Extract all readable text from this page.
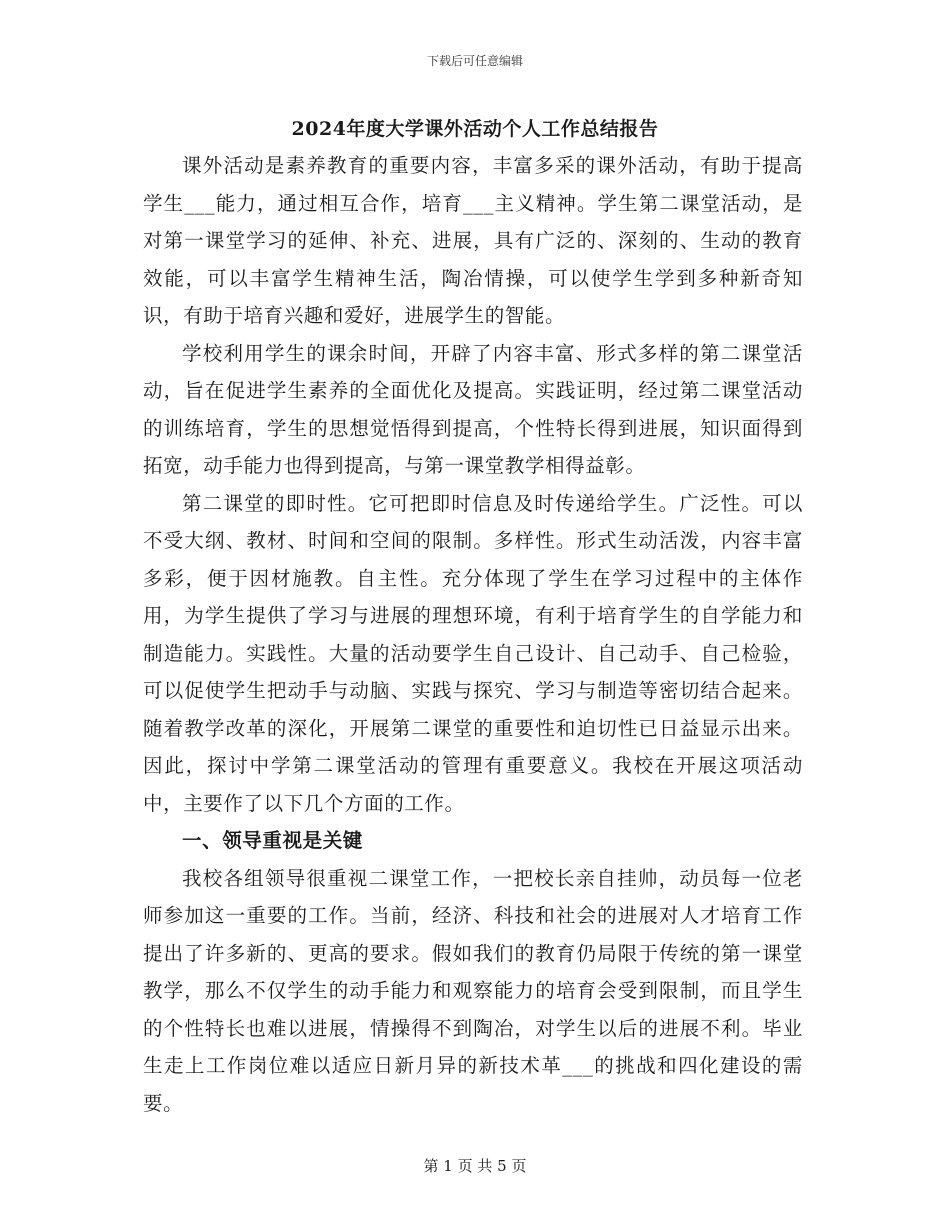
下载后可任意编辑
2024年度大学课外活动个人工作总结报告

课外活动是素养教育的重要内容，丰富多采的课外活动，有助于提高学生___能力，通过相互合作，培育___主义精神。学生第二课堂活动，是对第一课堂学习的延伸、补充、进展，具有广泛的、深刻的、生动的教育效能，可以丰富学生精神生活，陶冶情操，可以使学生学到多种新奇知识，有助于培育兴趣和爱好，进展学生的智能。

学校利用学生的课余时间，开辟了内容丰富、形式多样的第二课堂活动，旨在促进学生素养的全面优化及提高。实践证明，经过第二课堂活动的训练培育，学生的思想觉悟得到提高，个性特长得到进展，知识面得到拓宽，动手能力也得到提高，与第一课堂教学相得益彰。

第二课堂的即时性。它可把即时信息及时传递给学生。广泛性。可以不受大纲、教材、时间和空间的限制。多样性。形式生动活泼，内容丰富多彩，便于因材施教。自主性。充分体现了学生在学习过程中的主体作用，为学生提供了学习与进展的理想环境，有利于培育学生的自学能力和制造能力。实践性。大量的活动要学生自己设计、自己动手、自己检验，可以促使学生把动手与动脑、实践与探究、学习与制造等密切结合起来。随着教学改革的深化，开展第二课堂的重要性和迫切性已日益显示出来。因此，探讨中学第二课堂活动的管理有重要意义。我校在开展这项活动中，主要作了以下几个方面的工作。

一、领导重视是关键

我校各组领导很重视二课堂工作，一把校长亲自挂帅，动员每一位老师参加这一重要的工作。当前，经济、科技和社会的进展对人才培育工作提出了许多新的、更高的要求。假如我们的教育仍局限于传统的第一课堂教学，那么不仅学生的动手能力和观察能力的培育会受到限制，而且学生的个性特长也难以进展，情操得不到陶冶，对学生以后的进展不利。毕业生走上工作岗位难以适应日新月异的新技术革___的挑战和四化建设的需要。

第 1 页 共 5 页
